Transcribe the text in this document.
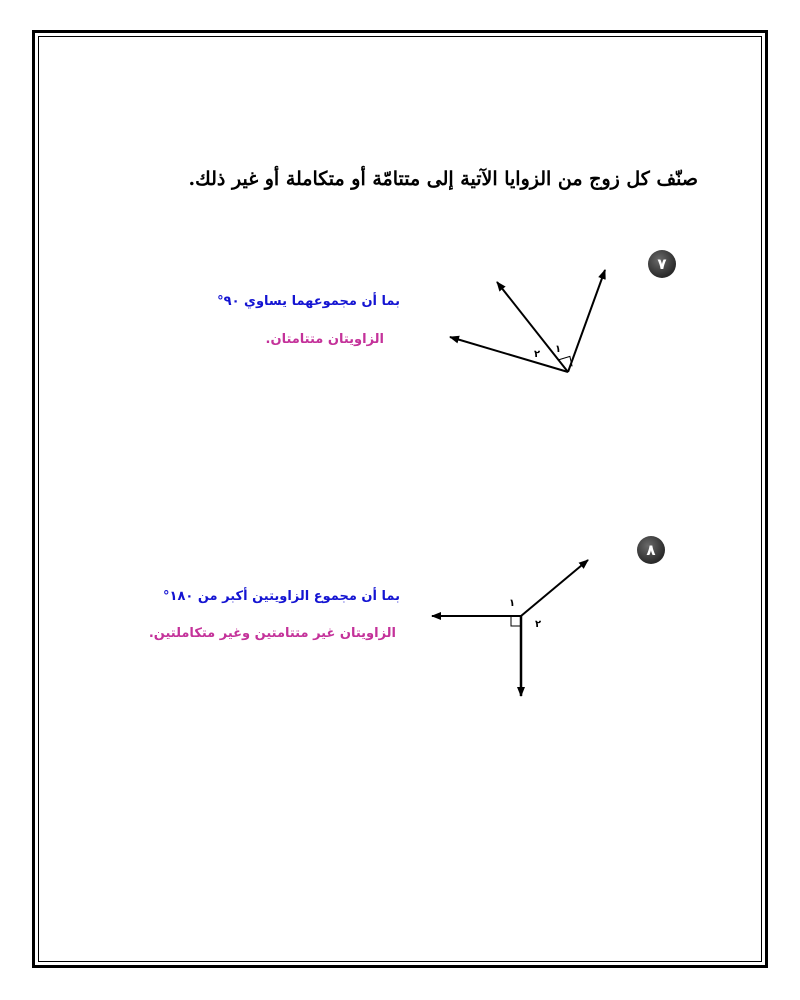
صنّف كل زوج من الزوايا الآتية إلى متتامّة أو متكاملة أو غير ذلك.
٧
بما أن مجموعهما يساوي ٩٠°
الزاويتان متتامتان.
٨
بما أن مجموع الزاويتين أكبر من ١٨٠°
الزاويتان غير متتامتين وغير متكاملتين.
١
٢
١
٢
